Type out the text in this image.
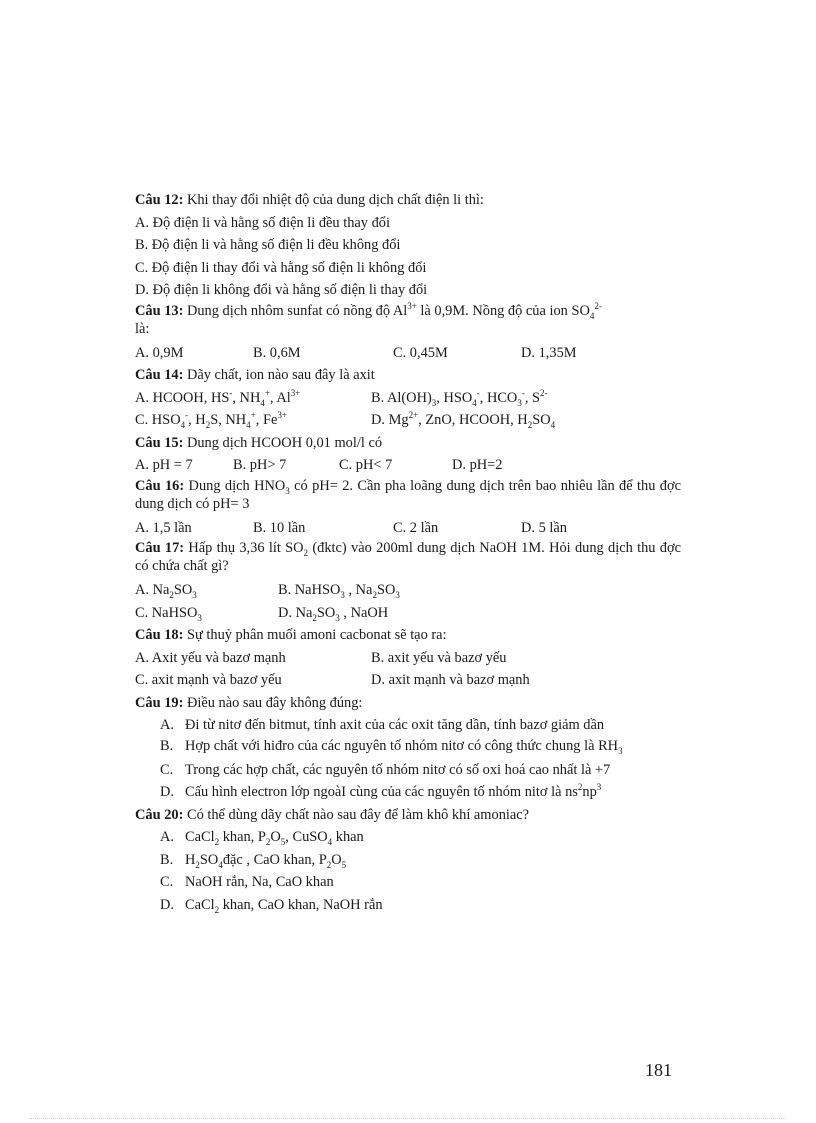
Câu 12: Khi thay đổi nhiệt độ của dung dịch chất điện li thì:
A. Độ điện li và hằng số điện li đều thay đổi
B. Độ điện li và hằng số điện li đều không đổi
C. Độ điện li thay đổi và hằng số điện li không đổi
D. Độ điện li không đổi và hằng số điện li thay đổi
Câu 13: Dung dịch nhôm sunfat có nồng độ $Al^{3+}$ là 0,9M. Nồng độ của ion $SO_4^{2-}$
là:
A. 0,9M	B. 0,6M	C. 0,45M	D. 1,35M
Câu 14: Dãy chất, ion nào sau đây là axit
A. HCOOH, HS-, $NH_4^+$, $Al^{3+}$	B. $Al(OH)_3$, $HSO_4^-$, $HCO_3^-$, $S^{2-}$
C. $HSO_4^-$, $H_2S$, $NH_4^+$, $Fe^{3+}$	D. $Mg^{2+}$, ZnO, HCOOH, $H_2SO_4$
Câu 15: Dung dịch HCOOH 0,01 mol/l có
A. pH = 7	B. pH> 7	C. pH< 7	D. pH=2
Câu 16: Dung dịch $HNO_3$ có pH= 2. Cần pha loãng dung dịch trên bao nhiêu lần để thu đợc dung dịch có pH= 3
A. 1,5 lần	B. 10 lần	C. 2 lần	D. 5 lần
Câu 17: Hấp thụ 3,36 lít $SO_2$ (đktc) vào 200ml dung dịch NaOH 1M. Hỏi dung dịch thu đợc có chứa chất gì?
A. $Na_2SO_3$	B. NaHSO$_3$ , $Na_2SO_3$
C. NaHSO$_3$	D. $Na_2SO_3$ , NaOH
Câu 18: Sự thuỷ phân muối amoni cacbonat sẽ tạo ra:
A. Axit yếu và bazơ mạnh	B. axit yếu và bazơ yếu
C. axit mạnh và bazơ yếu	D. axit mạnh và bazơ mạnh
Câu 19: Điều nào sau đây không đúng:
A. Đi từ nitơ đến bitmut, tính axit của các oxit tăng dần, tính bazơ giảm dần
B. Hợp chất với hiđro của các nguyên tố nhóm nitơ có công thức chung là $RH_3$
C. Trong các hợp chất, các nguyên tố nhóm nitơ có số oxi hoá cao nhất là +7
D. Cấu hình electron lớp ngoàI cùng của các nguyên tố nhóm nitơ là $ns^2np^3$
Câu 20: Có thể dùng dãy chất nào sau đây để làm khô khí amoniac?
A. CaCl$_2$ khan, $P_2O_5$, CuSO$_4$ khan
B. $H_2SO_4đặc$ , CaO khan, $P_2O_5$
C. NaOH rắn, Na, CaO khan
D. CaCl$_2$ khan, CaO khan, NaOH rắn
181
